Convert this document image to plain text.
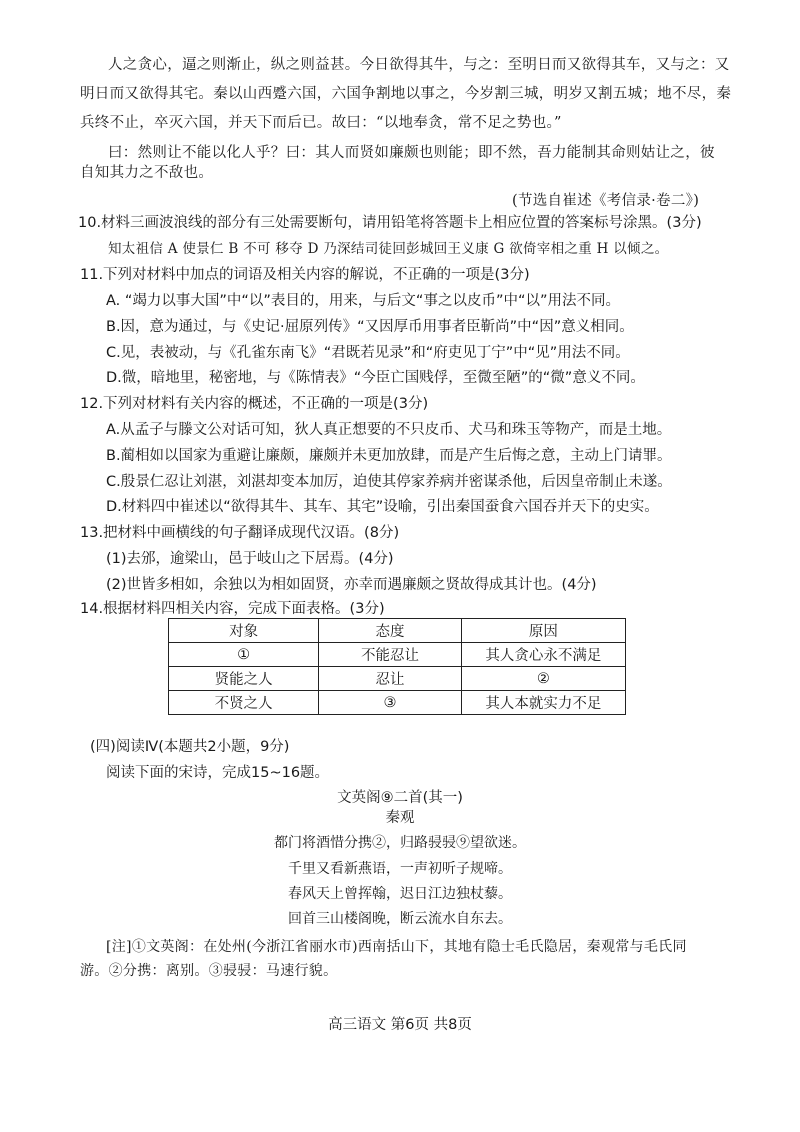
人之贪心，逼之则渐止，纵之则益甚。今日欲得其牛，与之：至明日而又欲得其车，又与之：又
明日而又欲得其宅。秦以山西蹙六国，六国争割地以事之，今岁割三城，明岁又割五城；地不尽，秦
兵终不止，卒灭六国，并天下而后已。故曰：“以地奉贪，常不足之势也。”
曰：然则让不能以化人乎？曰：其人而贤如廉颇也则能；即不然，吾力能制其命则姑让之，彼
自知其力之不敌也。
(节选自崔述《考信录·卷二》)
10.材料三画波浪线的部分有三处需要断句，请用铅笔将答题卡上相应位置的答案标号涂黑。(3分)
知太祖信 A 使景仁 B 不可 移夺 D 乃深结司徒回彭城回王义康 G 欲倚宰相之重 H 以倾之。
11.下列对材料中加点的词语及相关内容的解说，不正确的一项是(3分)
A. “竭力以事大国”中“以”表目的，用来，与后文“事之以皮币”中“以”用法不同。
B.因，意为通过，与《史记·屈原列传》“又因厚币用事者臣靳尚”中“因”意义相同。
C.见，表被动，与《孔雀东南飞》“君既若见录”和“府吏见丁宁”中“见”用法不同。
D.微，暗地里，秘密地，与《陈情表》“今臣亡国贱俘，至微至陋”的“微”意义不同。
12.下列对材料有关内容的概述，不正确的一项是(3分)
A.从孟子与滕文公对话可知，狄人真正想要的不只皮币、犬马和珠玉等物产，而是土地。
B.蔺相如以国家为重避让廉颇，廉颇并未更加放肆，而是产生后悔之意，主动上门请罪。
C.殷景仁忍让刘湛，刘湛却变本加厉，迫使其停家养病并密谋杀他，后因皇帝制止未遂。
D.材料四中崔述以“欲得其牛、其车、其宅”设喻，引出秦国蚕食六国吞并天下的史实。
13.把材料中画横线的句子翻译成现代汉语。(8分)
(1)去邠，逾梁山，邑于岐山之下居焉。(4分)
(2)世皆多相如，余独以为相如固贤，亦幸而遇廉颇之贤故得成其计也。(4分)
14.根据材料四相关内容，完成下面表格。(3分)
对象	态度	原因
①	不能忍让	其人贪心永不满足
贤能之人	忍让	②
不贤之人	③	其人本就实力不足
(四)阅读Ⅳ(本题共2小题，9分)
阅读下面的宋诗，完成15~16题。
文英阁⑨二首(其一)
秦观
都门将酒惜分携②，归路骎骎⑨望欲迷。
千里又看新燕语，一声初听子规啼。
春风天上曾挥翰，迟日江边独杖藜。
回首三山楼阁晚，断云流水自东去。
[注]①文英阁：在处州(今浙江省丽水市)西南括山下，其地有隐士毛氏隐居，秦观常与毛氏同
游。②分携：离别。③骎骎：马速行貌。
高三语文 第6页 共8页
